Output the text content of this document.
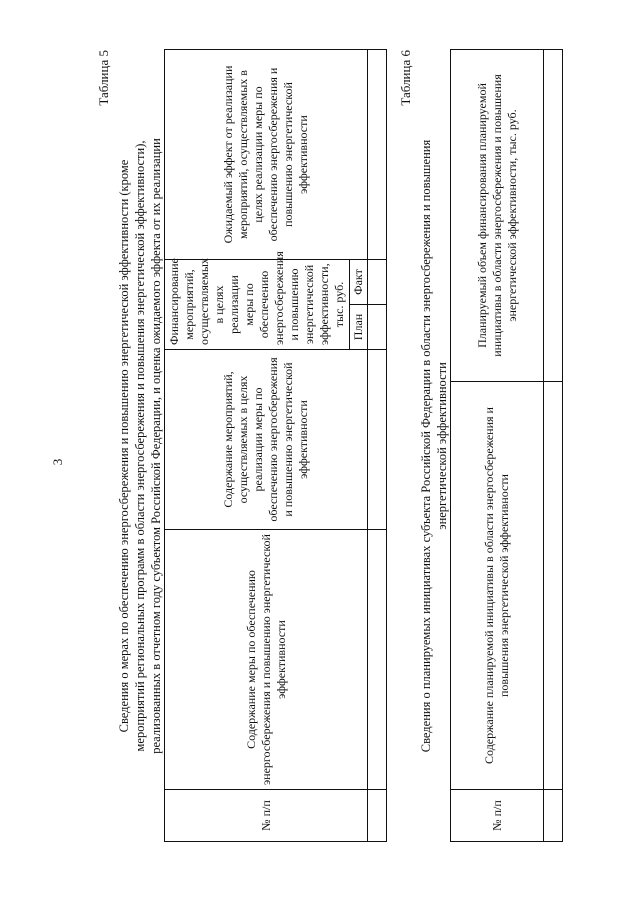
3
Таблица 5
Сведения о мерах по обеспечению энергосбережения и повышению энергетической эффективности (кроме мероприятий региональных программ в области энергосбережения и повышения энергетической эффективности), реализованных в отчетном году субъектом Российской Федерации, и оценка ожидаемого эффекта от их реализации
№ п/п	Содержание меры по обеспечению энергосбережения и повышению энергетической эффективности	Содержание мероприятий, осуществляемых в целях реализации меры по обеспечению энергосбережения и повышению энергетической эффективности	Финансирование мероприятий, осуществляемых в целях реализации меры по обеспечению энергосбережения и повышению энергетической эффективности, тыс. руб.		Ожидаемый эффект от реализации мероприятий, осуществляемых в целях реализации меры по обеспечению энергосбережения и повышению энергетической эффективности
			План	Факт	

Таблица 6
Сведения о планируемых инициативах субъекта Российской Федерации в области энергосбережения и повышения энергетической эффективности
№ п/п	Содержание планируемой инициативы в области энергосбережения и повышения энергетической эффективности	Планируемый объем финансирования планируемой инициативы в области энергосбережения и повышения энергетической эффективности, тыс. руб.
